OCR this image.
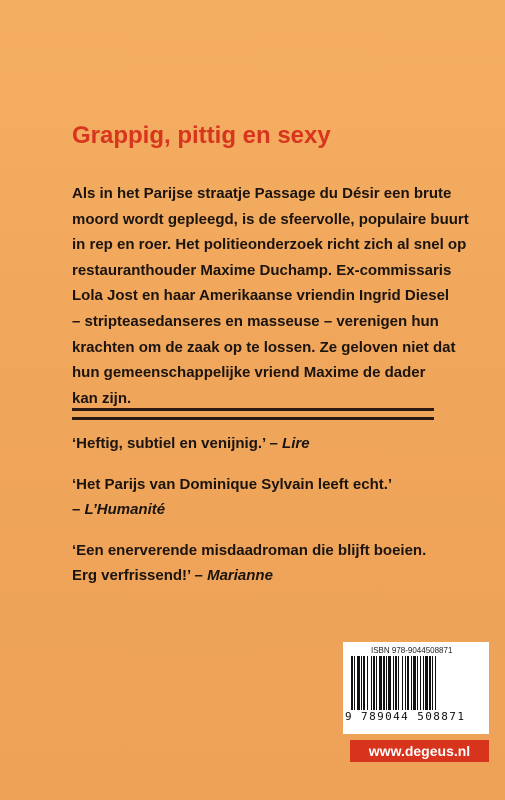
Grappig, pittig en sexy
Als in het Parijse straatje Passage du Désir een brute
moord wordt gepleegd, is de sfeervolle, populaire buurt
in rep en roer. Het politieonderzoek richt zich al snel op
restauranthouder Maxime Duchamp. Ex-commissaris
Lola Jost en haar Amerikaanse vriendin Ingrid Diesel
– stripteasedanseres en masseuse – verenigen hun
krachten om de zaak op te lossen. Ze geloven niet dat
hun gemeenschappelijke vriend Maxime de dader
kan zijn.
‘Heftig, subtiel en venijnig.’ – Lire
‘Het Parijs van Dominique Sylvain leeft echt.’
– L’Humanité
‘Een enerverende misdaadroman die blijft boeien.
Erg verfrissend!’ – Marianne
ISBN 978-9044508871
9 789044 508871
www.degeus.nl
